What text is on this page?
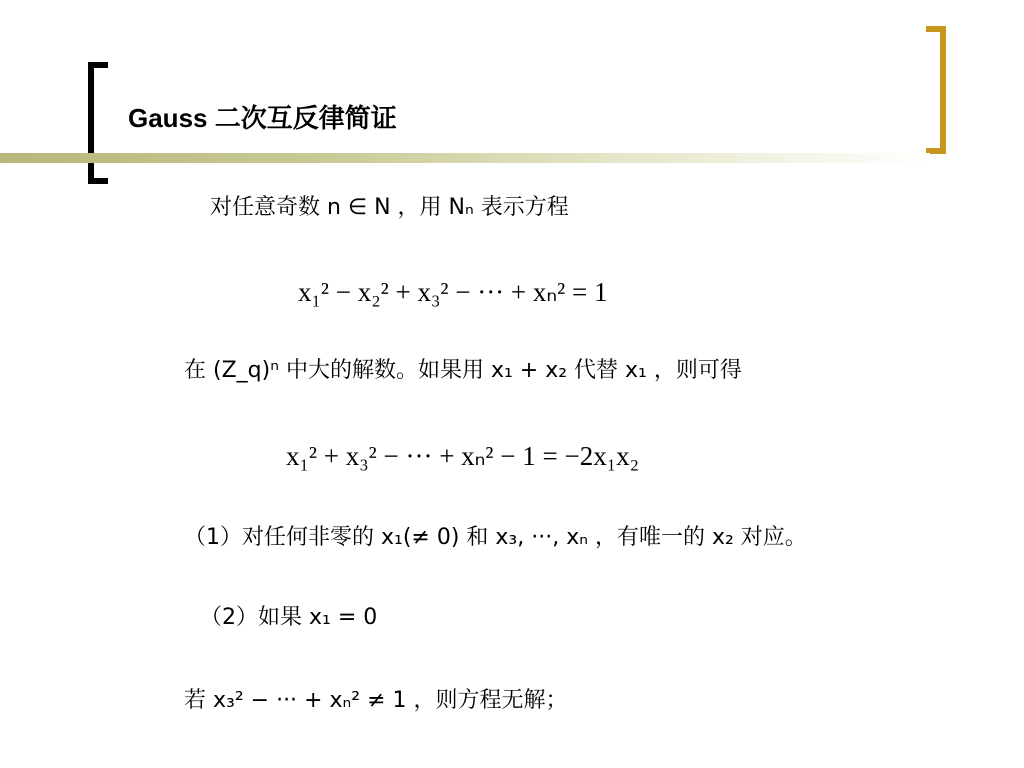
Gauss 二次互反律简证
对任意奇数 n ∈ N ，用 Nₙ 表示方程
x₁² − x₂² + x₃² − ··· + xₙ² = 1
在 (Z_q)ⁿ 中大的解数。如果用 x₁ + x₂ 代替 x₁ ，则可得
x₁² + x₃² − ··· + xₙ² − 1 = −2x₁x₂
（1）对任何非零的 x₁(≠ 0) 和 x₃, ···, xₙ ，有唯一的 x₂ 对应。
（2）如果 x₁ = 0
若 x₃² − ··· + xₙ² ≠ 1 ，则方程无解；
